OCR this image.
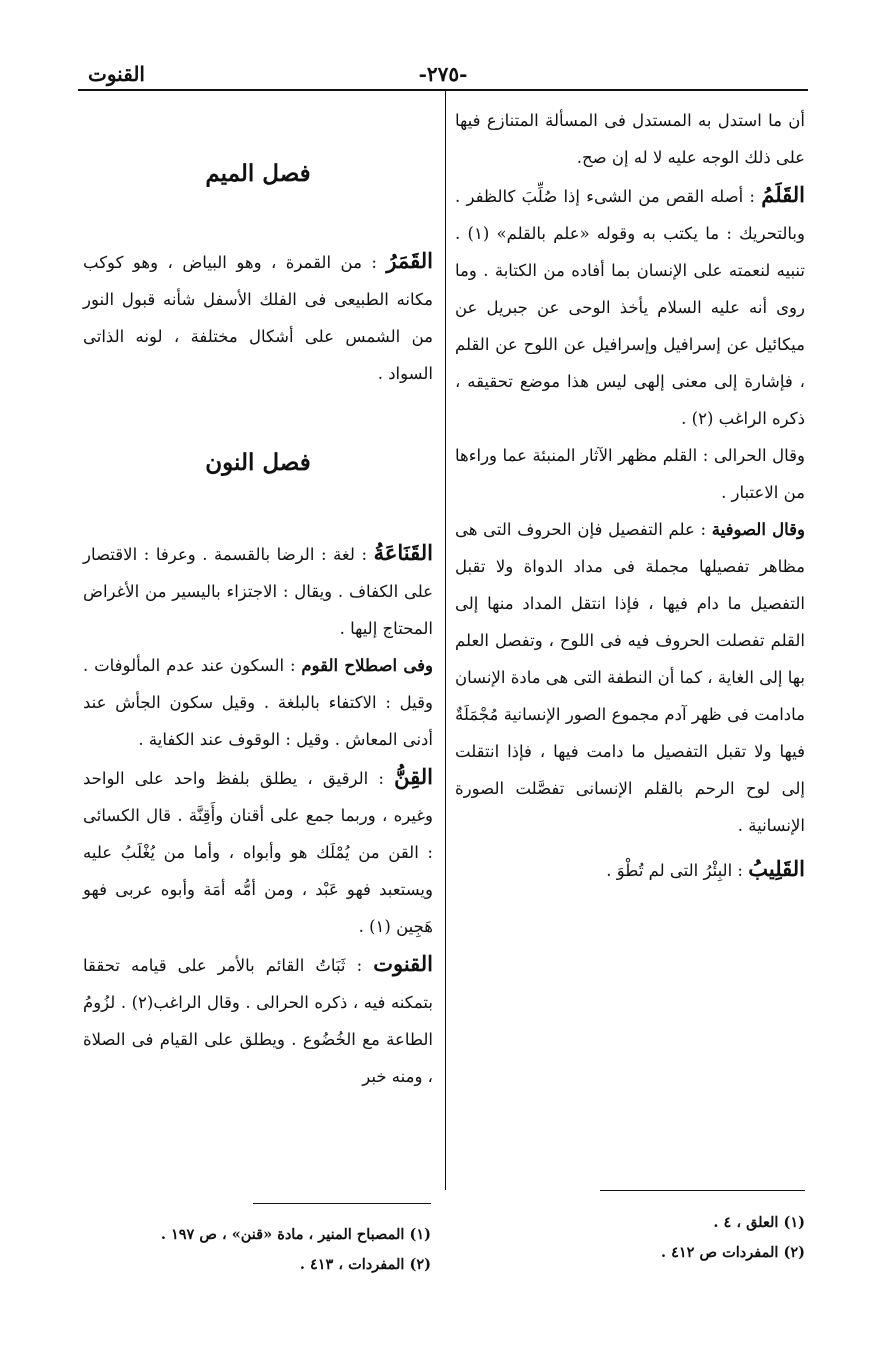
-٢٧٥-
القنوت

أن ما استدل به المستدل فى المسألة المتنازع فيها على ذلك الوجه عليه لا له إن صح.

القَلَمُ : أصله القص من الشىء إذا صُلِّبَ كالظفر . وبالتحريك : ما يكتب به وقوله «علم بالقلم» (١) . تنبيه لنعمته على الإنسان بما أفاده من الكتابة . وما روى أنه عليه السلام يأخذ الوحى عن جبريل عن ميكائيل عن إسرافيل وإسرافيل عن اللوح عن القلم ، فإشارة إلى معنى إلهى ليس هذا موضع تحقيقه ، ذكره الراغب (٢) .

وقال الحرالى : القلم مظهر الآثار المنبئة عما وراءها من الاعتبار .

وقال الصوفية : علم التفصيل فإن الحروف التى هى مظاهر تفصيلها مجملة فى مداد الدواة ولا تقبل التفصيل ما دام فيها ، فإذا انتقل المداد منها إلى القلم تفصلت الحروف فيه فى اللوح ، وتفصل العلم بها إلى الغاية ، كما أن النطفة التى هى مادة الإنسان مادامت فى ظهر آدم مجموع الصور الإنسانية مُجْمَلَةٌ فيها ولا تقبل التفصيل ما دامت فيها ، فإذا انتقلت إلى لوح الرحم بالقلم الإنسانى تفصَّلت الصورة الإنسانية .

القَلِيبُ : البِئْرُ التى لم تُطْوَ .

فصل الميم

القَمَرُ : من القمرة ، وهو البياض ، وهو كوكب مكانه الطبيعى فى الفلك الأسفل شأنه قبول النور من الشمس على أشكال مختلفة ، لونه الذاتى السواد .

فصل النون

القَنَاعَةُ : لغة : الرضا بالقسمة . وعرفا : الاقتصار على الكفاف . ويقال : الاجتزاء باليسير من الأغراض المحتاج إليها .

وفى اصطلاح القوم : السكون عند عدم المألوفات . وقيل : الاكتفاء بالبلغة . وقيل سكون الجأش عند أدنى المعاش . وقيل : الوقوف عند الكفاية .

القِنُّ : الرقيق ، يطلق بلفظ واحد على الواحد وغيره ، وربما جمع على أقنان وأَقِنَّة . قال الكسائى : القن من يُمْلَك هو وأبواه ، وأما من يُغْلَبُ عليه ويستعبد فهو عَبْد ، ومن أمُّه أمَة وأبوه عربى فهو هَجِين (١) .

القنوت : ثَبَاتُ القائم بالأمر على قيامه تحققا بتمكنه فيه ، ذكره الحرالى . وقال الراغب(٢) . لزُومُ الطاعة مع الخُضُوع . ويطلق على القيام فى الصلاة ، ومنه خبر

(١) العلق ، ٤ .
(٢) المفردات ص ٤١٢ .
(١) المصباح المنير ، مادة «قنن» ، ص ١٩٧ .
(٢) المفردات ، ٤١٣ .
